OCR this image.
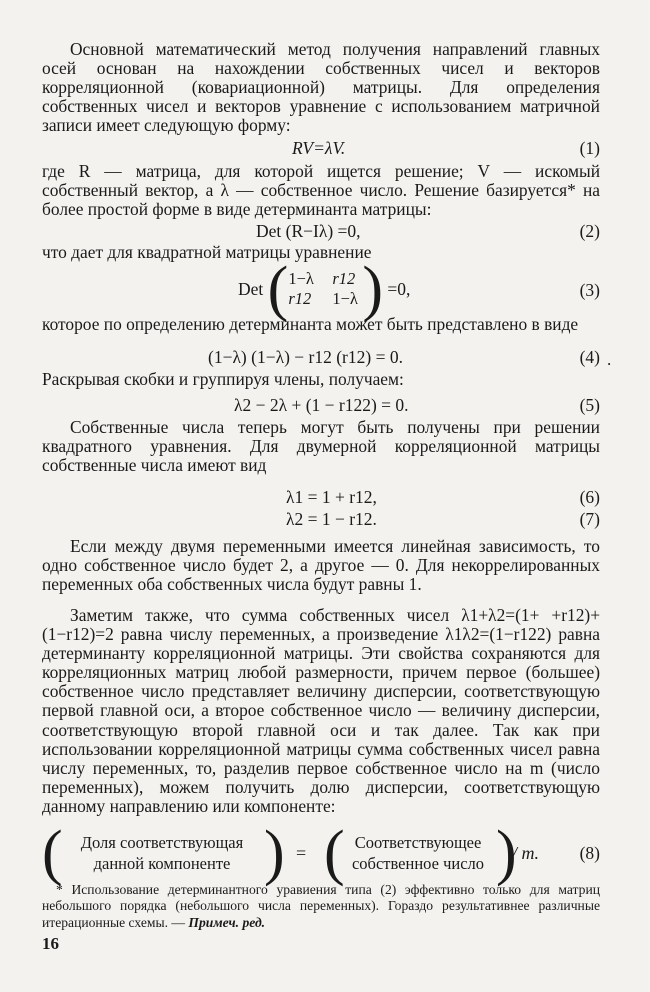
Основной математический метод получения направлений главных осей основан на нахождении собственных чисел и векторов корреляционной (ковариационной) матрицы. Для определения собственных чисел и векторов уравнение с использованием матричной записи имеет следующую форму:
RV=λV.	(1)
где R — матрица, для которой ищется решение; V — искомый собственный вектор, а λ — собственное число. Решение базируется* на более простой форме в виде детерминанта матрицы:
Det (R−Iλ) =0,	(2)
что дает для квадратной матрицы уравнение
Det (1−λ r12
r12 1−λ) =0,	(3)
которое по определению детерминанта может быть представлено в виде
(1−λ) (1−λ) − r12 (r12) = 0.	(4) .
Раскрывая скобки и группируя члены, получаем:
λ2 − 2λ + (1 − r122) = 0.	(5)
Собственные числа теперь могут быть получены при решении квадратного уравнения. Для двумерной корреляционной матрицы собственные числа имеют вид
λ1 = 1 + r12,	(6)
λ2 = 1 − r12.	(7)
Если между двумя переменными имеется линейная зависимость, то одно собственное число будет 2, а другое — 0. Для некоррелированных переменных оба собственных числа будут равны 1.
Заметим также, что сумма собственных чисел λ1+λ2=(1+ +r12)+(1−r12)=2 равна числу переменных, а произведение λ1λ2=(1−r122) равна детерминанту корреляционной матрицы. Эти свойства сохраняются для корреляционных матриц любой размерности, причем первое (большее) собственное число представляет величину дисперсии, соответствующую первой главной оси, а второе собственное число — величину дисперсии, соответствующую второй главной оси и так далее. Так как при использовании корреляционной матрицы сумма собственных чисел равна числу переменных, то, разделив первое собственное число на m (число переменных), можем получить долю дисперсии, соответствующую данному направлению или компоненте:
(	Доля соответствующая
данной компоненте ) = ( Соответствующее
собственное число )
/ m. (8)
* Использование детерминантного уравиения типа (2) эффективно только для матриц небольшого порядка (небольшого числа переменных). Гораздо результативнее различные итерационные схемы. — Примеч. ред.
16
